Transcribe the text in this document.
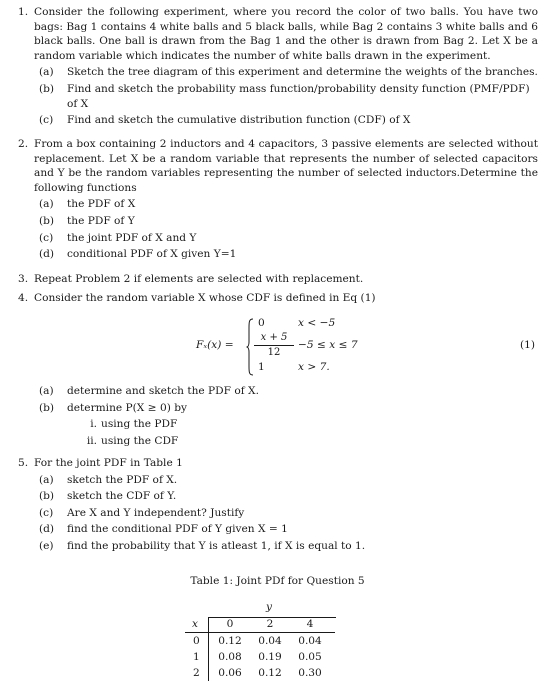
1. Consider the following experiment, where you record the color of two balls. You have two bags: Bag 1 contains 4 white balls and 5 black balls, while Bag 2 contains 3 white balls and 6 black balls. One ball is drawn from the Bag 1 and the other is drawn from Bag 2. Let X be a random variable which indicates the number of white balls drawn in the experiment.
(a) Sketch the tree diagram of this experiment and determine the weights of the branches.
(b) Find and sketch the probability mass function/probability density function (PMF/PDF) of X
(c) Find and sketch the cumulative distribution function (CDF) of X
2. From a box containing 2 inductors and 4 capacitors, 3 passive elements are selected without replacement. Let X be a random variable that represents the number of selected capacitors and Y be the random variables representing the number of selected inductors.Determine the following functions
(a) the PDF of X
(b) the PDF of Y
(c) the joint PDF of X and Y
(d) conditional PDF of X given Y=1
3. Repeat Problem 2 if elements are selected with replacement.
4. Consider the random variable X whose CDF is defined in Eq (1)
Fₓ(x) =
0	x < −5
$\frac{x + 5}{12} -5 \le x \le 7$
1	x > 7.
(1)
(a) determine and sketch the PDF of X.
(b) determine P(X ≥ 0) by
i. using the PDF
ii. using the CDF
5. For the joint PDF in Table 1
(a) sketch the PDF of X.
(b) sketch the CDF of Y.
(c) Are X and Y independent? Justify
(d) find the conditional PDF of Y given X = 1
(e) find the probability that Y is atleast 1, if X is equal to 1.
Table 1: Joint PDf for Question 5
y
x	0	2	4
0	0.12	0.04	0.04
1	0.08	0.19	0.05
2	0.06	0.12	0.30
